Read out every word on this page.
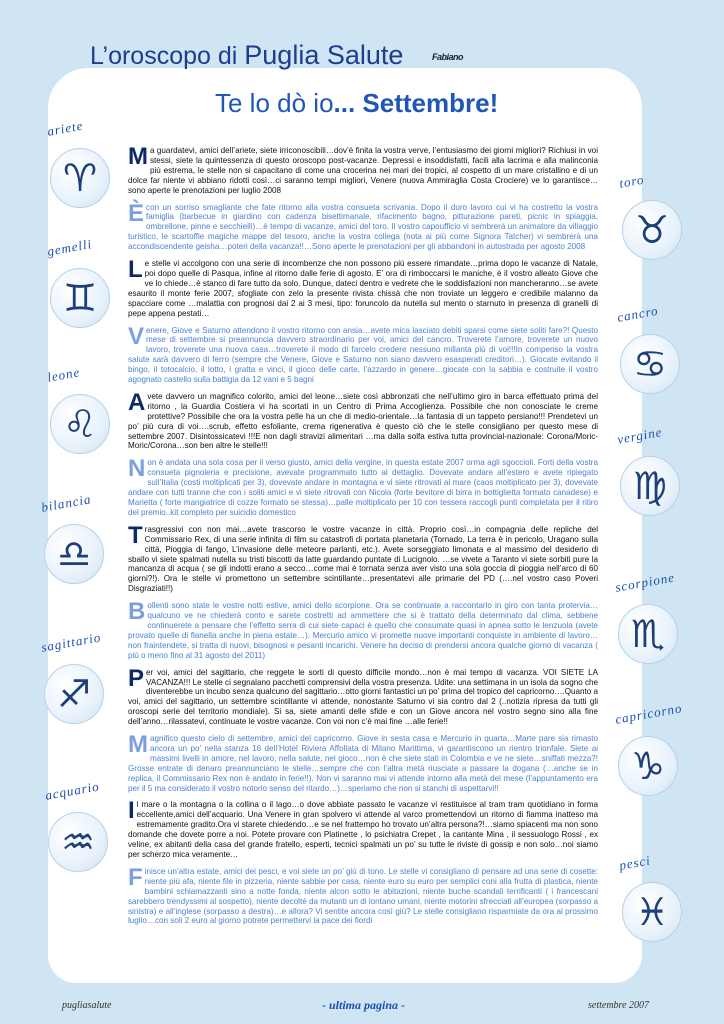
L’oroscopo di Puglia Salute	Fabiano
Te lo dò io... Settembre!
ariete
♈
gemelli
♊
leone
♌
bilancia
♎
sagittario
♐
acquario
♒
toro
♉
cancro
♋
vergine
♍
scorpione
♏
capricorno
♑
pesci
♓

Ma guardatevi, amici dell’ariete, siete irriconoscibili…dov’è finita la vostra verve, l’entusiasmo dei giorni migliori? Richiusi in voi stessi, siete la quintessenza di questo oroscopo post-vacanze. Depressi e insoddisfatti, facili alla lacrima e alla malinconia più estrema, le stelle non si capacitano di come una crocerina nei mari dei tropici, al cospetto di un mare cristallino e di un dolce far niente vi abbiano ridotti così…ci saranno tempi migliori, Venere (nuova Ammiraglia Costa Crociere) ve lo garantisce…sono aperte le prenotazioni per luglio 2008

È con un sorriso smagliante che fate ritorno alla vostra consueta scrivania. Dopo il duro lavoro cui vi ha costretto la vostra famiglia (barbecue in giardino con cadenza bisettimanale, rifacimento bagno, pitturazione pareti, picnic in spiaggia, ombrellone, pinne e secchielli)…è tempo di vacanze, amici del toro. Il vostro capoufficio vi sembrerà un animatore da villaggio turistico, le scartoffie magiche mappe del tesoro, anche la vostra collega (nota ai più come Signora Tatcher) vi sembrerà una accondiscendente geisha…poteri della vacanza!!…Sono aperte le prenotazioni per gli abbandoni in autostrada per agosto 2008

Le stelle vi accolgono con una serie di incombenze che non possono più essere rimandate…prima dopo le vacanze di Natale, poi dopo quelle di Pasqua, infine al ritorno dalle ferie di agosto. E’ ora di rimboccarsi le maniche, è il vostro alleato Giove che ve lo chiede…è stanco di fare tutto da solo. Dunque, dateci dentro e vedrete che le soddisfazioni non mancheranno…se avete esaurito il monte ferie 2007, sfogliate con zelo la presente rivista chissà che non troviate un leggero e credibile malanno da spacciare come …malattia con prognosi dai 2 ai 3 mesi, tipo: foruncolo da nutella sul mento o starnuto in presenza di granelli di pepe appena pestati…

Venere, Giove e Saturno attendono il vostro ritorno con ansia…avete mica lasciato debiti sparsi come siete soliti fare?! Questo mese di settembre si preannuncia davvero straordinario per voi, amici del cancro. Troverete l’amore, troverete un nuovo lavoro, troverete una nuova casa…troverete il modo di farcelo credere nessuno millanta più di voi!!!In compenso la vostra salute sarà davvero di ferro (sempre che Venere, Giove e Saturno non siano davvero esasperati creditori…). Giocate evitando il bingo, il totocalcio, il lotto, i gratta e vinci, il gioco delle carte, l’azzardo in genere…giocate con la sabbia e costruite il vostro agognato castello sulla battigia da 12 vani e 5 bagni

Avete davvero un magnifico colorito, amici del leone…siete così abbronzati che nell’ultimo giro in barca effettuato prima del ritorno , la Guardia Costiera vi ha scortati in un Centro di Prima Accoglienza. Possibile che non conosciate le creme protettive? Possibile che ora la vostra pelle ha un che di medio-orientale…la fantasia di un tappeto persiano!!! Prendetevi un po’ più cura di voi….scrub, effetto esfoliante, crema rigenerativa è questo ciò che le stelle consigliano per questo mese di settembre 2007. Disintossicatevi !!!E non dagli stravizi alimentari …ma dalla solfa estiva tutta provincial-nazionale: Corona/Moric-Moric/Corona…son ben altre le stelle!!!

Non è andata una sola cosa per il verso giusto, amici della vergine, in questa estate 2007 orma agli sgoccioli. Forti della vostra consueta pignoleria e precisione, avevate programmato tutto al dettaglio. Dovevate andare all’estero e avete ripiegato sull’Italia (costi moltiplicati per 3), dovevate andare in montagna e vi siete ritrovati al mare (caos moltiplicato per 3), dovevate andare con tutti tranne che con i soliti amici e vi siete ritrovati con Nicola (forte bevitore di birra in bottiglietta formato canadese) e Marietta ( forte mangiatrice di cozze formato se stessa)…palle moltiplicato per 10 con tessera raccogli punti completata per il ritiro del premio..kit completo per suicidio domestico

Trasgressivi con non mai…avete trascorso le vostre vacanze in città. Proprio così…in compagnia delle repliche del Commissario Rex, di una serie infinita di film su catastrofi di portata planetaria (Tornado, La terra è in pericolo, Uragano sulla città, Pioggia di fango, L’invasione delle meteore parlanti, etc.). Avete sorseggiato limonata e al massimo del desiderio di sballo vi siete spalmati nutella su tristi biscotti da latte guardando puntate di Lucignolo. …se vivete a Taranto vi siete sorbiti pure la mancanza di acqua ( se gli indotti erano a secco…come mai è tornata senza aver visto una sola goccia di pioggia nell’arco di 60 giorni?!). Ora le stelle vi promettono un settembre scintillante…presentatevi alle primarie del PD (….nel vostro caso Poveri Disgraziati!!)

Bollenti sono state le vostre notti estive, amici dello scorpione. Ora se continuate a raccontarlo in giro con tanta protervia…qualcuno ve ne chiederà conto e sarete costretti ad ammettere che si è trattato della determinato dal clima, sebbene continuerete a pensare che l’effetto serra di cui siete capaci è quello che consumate quasi in apnea sotto le lenzuola (avete provato quelle di flanella anche in piena estate…). Mercurio amico vi promette nuove importanti conquiste in ambiente di lavoro…non fraintendete, si tratta di nuovi, bisognosi e pesanti incarichi. Venere ha deciso di prendersi ancora qualche giorno di vacanza ( più o meno fino al 31 agosto del 2011)

Per voi, amici del sagittario, che reggete le sorti di questo difficile mondo…non è mai tempo di vacanza. VOI SIETE LA VACANZA!!! Le stelle ci segnalano pacchetti comprensivi della vostra presenza. Udite: una settimana in un isola da sogno che diventerebbe un incubo senza qualcuno del sagittario…otto giorni fantastici un po’ prima del tropico del capricorno….Quanto a voi, amici del sagittario, un settembre scintillante vi attende, nonostante Saturno vi sia contro dal 2 (..notizia ripresa da tutti gli oroscopi serie del territorio mondiale). Si sa, siete amanti delle sfide e con un Giove ancora nel vostro segno sino alla fine dell’anno…rilassatevi, continuate le vostre vacanze. Con voi non c’è mai fine …alle ferie!!

Magnifico questo cielo di settembre, amici del capricorno. Giove in sesta casa e Mercurio in quarta…Marte pare sia rimasto ancora un po’ nella stanza 16 dell’Hotel Riviera Affollata di Milano Marittima, vi garantiscono un rientro trionfale. Siete ai massimi livelli in amore, nel lavoro, nella salute, nel gioco…non è che siete stati in Colombia e ve ne siete…sniffati mezza?! Grosse entrate di denaro preannunciano le stelle…sempre che con l’altra metà riusciate a passare la dogana (…anche se in replica, il Commissario Rex non è andato in ferie!!). Non vi saranno mai vi attende intorno alla metà del mese (l’appuntamento era per il 5 ma considerato il vostro notorio senso del ritardo…)…speriamo che non si stanchi di aspettarvi!!

Il mare o la montagna o la collina o il lago…o dove abbiate passato le vacanze vi restituisce al tram tram quotidiano in forma eccellente,amici dell’acquario. Una Venere in gran spolvero vi attende al varco promettendovi un ritorno di fiamma inatteso ma estremamente gradito.Ora vi starete chiedendo…e se nel frattempo ho trovato un’altra persona?!…siamo spiacenti ma non sono domande che dovete porre a noi. Potete provare con Platinette , lo psichiatra Crepet , la cantante Mina , il sessuologo Rossi , ex veline, ex abitanti della casa del grande fratello, esperti, tecnici spalmati un po’ su tutte le riviste di gossip e non solo…noi siamo per scherzo mica veramente…

Finisce un’altra estate, amici dei pesci, e voi siete un po’ giù di tono. Le stelle vi consigliano di pensare ad una serie di cosette: niente più afa, niente file in pizzeria, niente sabbie per casa, niente euro su euro per semplici coni alla frutta di plastica, niente bambini schiamazzanti sino a notte fonda, niente alcon sotto le abitazioni, niente buche scandali terrificanti ( i francescani sarebbero trendyssimi al sospetto), niente decolté da mutanti un di lontano umani, niente motorini sfrecciati all’europea (sorpasso a sinistra) e all’inglese (sorpasso a destra)…e allora? Vi sentite ancora così giù? Le stelle consigliano risparmiate da ora al prossimo luglio…con soli 2 euro al giorno potrete permettervi la pace dei fiordi

pugliasalute	- ultima pagina -	settembre 2007
